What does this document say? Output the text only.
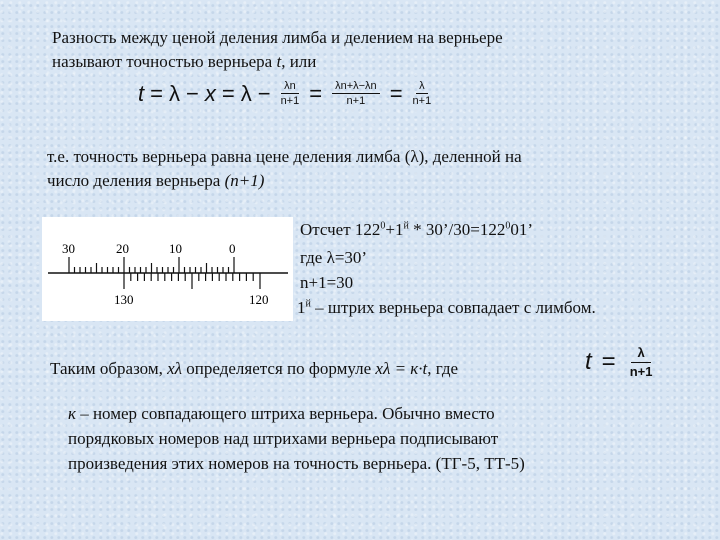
Разность между ценой деления лимба и делением на верньере
называют точностью верньера t, или
$t = \lambda - x = \lambda - \frac{\lambda n}{n+1} = \frac{\lambda n+\lambda-\lambda n}{n+1} = \frac{\lambda}{n+1}$
т.е. точность верньера равна цене деления лимба (λ), деленной на
число деления верньера (n+1)
30	20	10	0
130	120
Отсчет $122^0+1^й$ * $30’/30=122^001$’
где λ=30’
n+1=30
$1^й$ – штрих верньера совпадает с лимбом.
Таким образом, xλ определяется по формуле xλ = к·t, где	$t = \frac{\lambda}{n+1}$
к – номер совпадающего штриха верньера. Обычно вместо
порядковых номеров над штрихами верньера подписывают
произведения этих номеров на точность верньера. (ТГ-5, ТТ-5)
